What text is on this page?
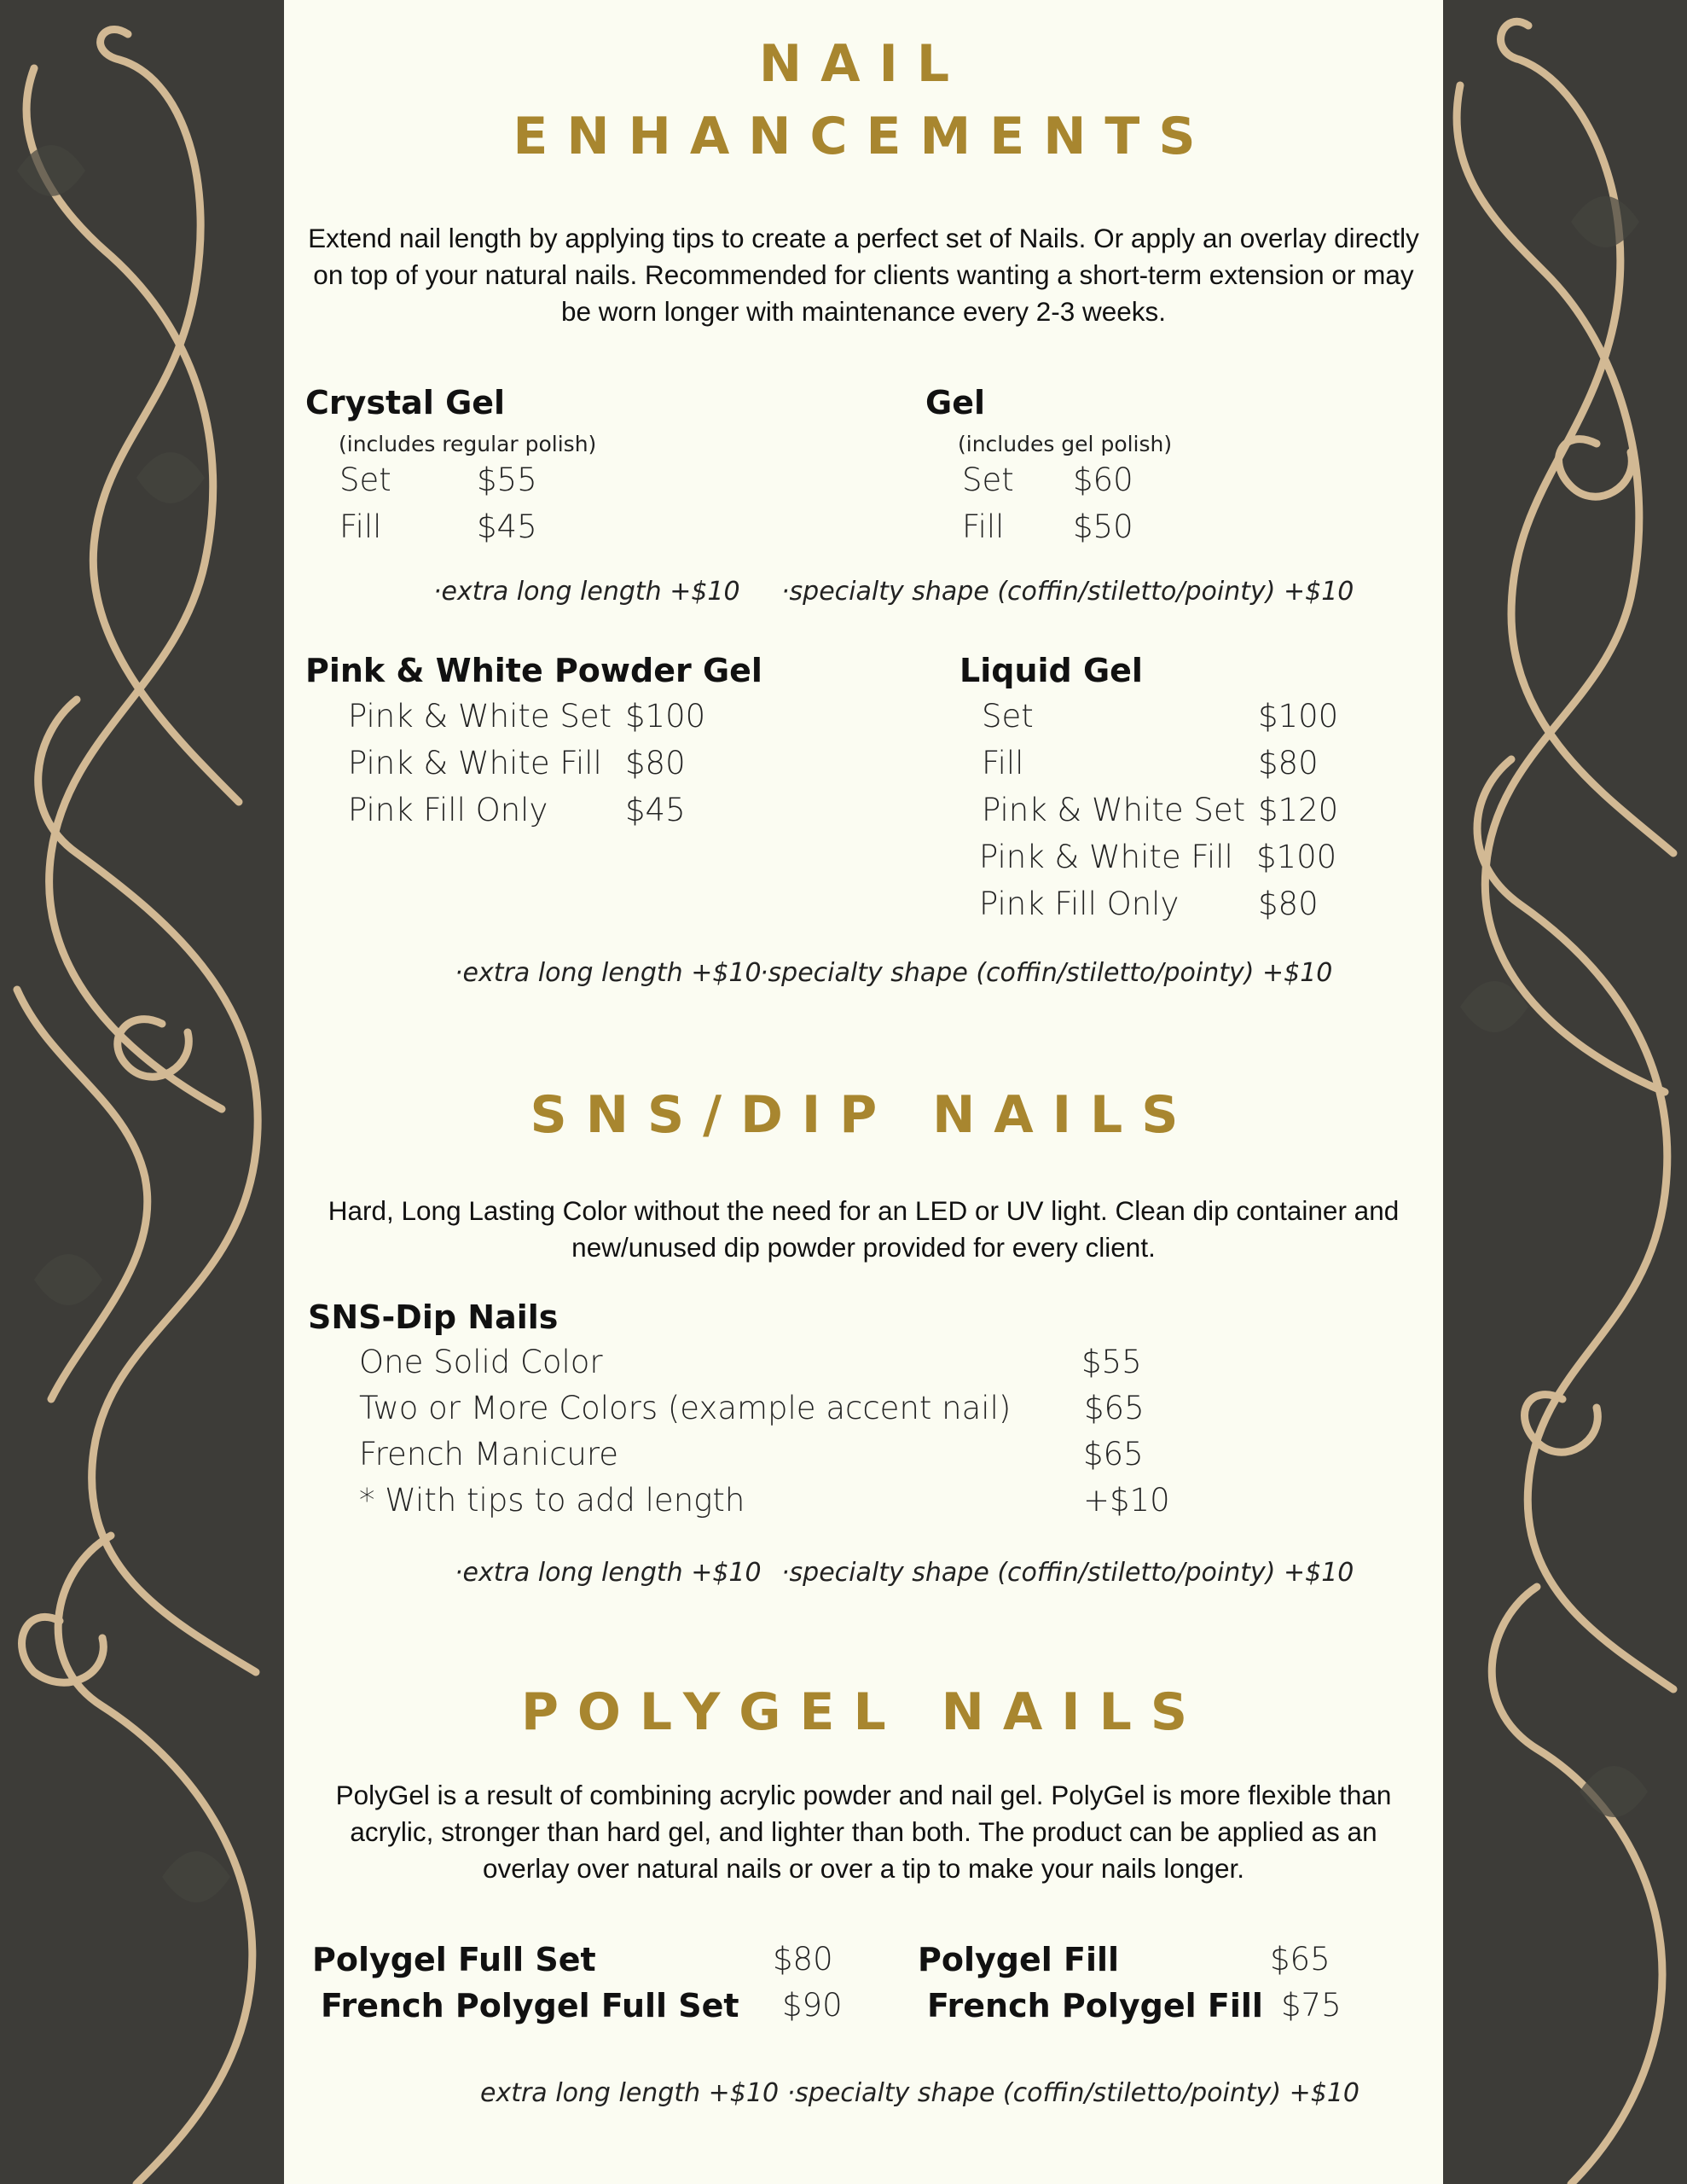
NAIL
ENHANCEMENTS
Extend nail length by applying tips to create a perfect set of Nails. Or apply an overlay directly
on top of your natural nails. Recommended for clients wanting a short-term extension or may
be worn longer with maintenance every 2-3 weeks.
Crystal Gel
(includes regular polish)
Set	$55
Fill	$45
Gel
(includes gel polish)
Set $60
Fill $50
·extra long length +$10 ·specialty shape (coffin/stiletto/pointy) +$10
Pink & White Powder Gel
Pink & White Set $100
Pink & White Fill $80
Pink Fill Only $45
Liquid Gel
Set	$100
Fill	$80
Pink & White Set $120
Pink & White Fill $100
Pink Fill Only	$80
·extra long length +$10
·specialty shape (coffin/stiletto/pointy) +$10
SNS/DIP NAILS
Hard, Long Lasting Color without the need for an LED or UV light. Clean dip container and
new/unused dip powder provided for every client.
SNS-Dip Nails
One Solid Color	$55
Two or More Colors (example accent nail) $65
French Manicure	$65
* With tips to add length	+$10
·extra long length +$10 ·specialty shape (coffin/stiletto/pointy) +$10
POLYGEL NAILS
PolyGel is a result of combining acrylic powder and nail gel. PolyGel is more flexible than
acrylic, stronger than hard gel, and lighter than both. The product can be applied as an
overlay over natural nails or over a tip to make your nails longer.
Polygel Full Set	$80
French Polygel Full Set $90
Polygel Fill	$65
French Polygel Fill $75
extra long length +$10 ·specialty shape (coffin/stiletto/pointy) +$10
